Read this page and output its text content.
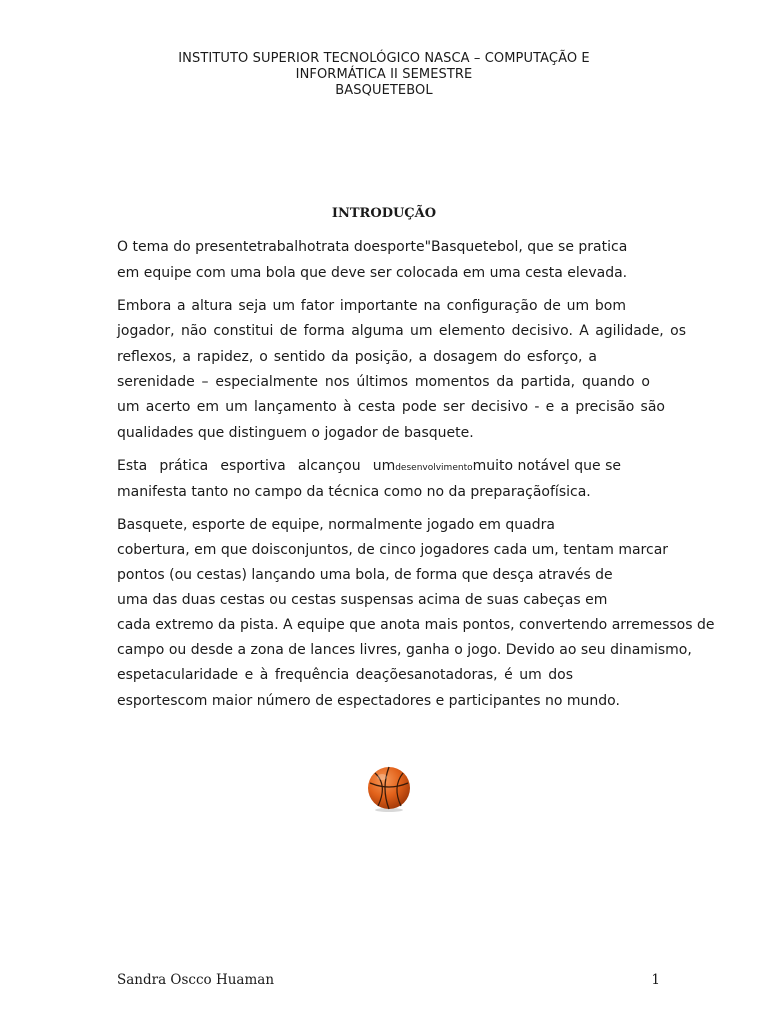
INSTITUTO SUPERIOR TECNOLÓGICO NASCA – COMPUTAÇÃO E
INFORMÁTICA II SEMESTRE
BASQUETEBOL
INTRODUÇÃO
O tema do presentetrabalhotrata doesporte"Basquetebol, que se pratica
em equipe com uma bola que deve ser colocada em uma cesta elevada.
Embora a altura seja um fator importante na configuração de um bom
jogador, não constitui de forma alguma um elemento decisivo. A agilidade, os
reflexos, a rapidez, o sentido da posição, a dosagem do esforço, a
serenidade – especialmente nos últimos momentos da partida, quando o
um acerto em um lançamento à cesta pode ser decisivo - e a precisão são
qualidades que distinguem o jogador de basquete.
Esta prática esportiva alcançou um desenvolvimento muito notável que se
manifesta tanto no campo da técnica como no da preparaçãofísica.
Basquete, esporte de equipe, normalmente jogado em quadra
cobertura, em que doisconjuntos, de cinco jogadores cada um, tentam marcar
pontos (ou cestas) lançando uma bola, de forma que desça através de
uma das duas cestas ou cestas suspensas acima de suas cabeças em
cada extremo da pista. A equipe que anota mais pontos, convertendo arremessos de
campo ou desde a zona de lances livres, ganha o jogo. Devido ao seu dinamismo,
espetacularidade e à frequência deaçõesanotadoras, é um dos
esportescom maior número de espectadores e participantes no mundo.
Sandra Oscco Huaman	1
